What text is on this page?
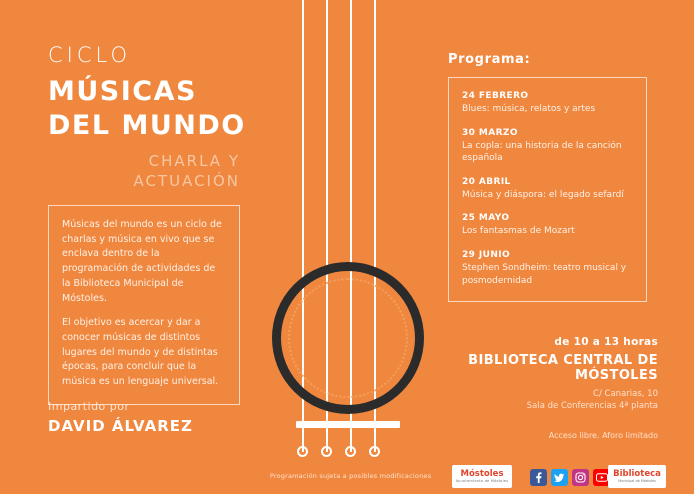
CICLO
MÚSICAS
DEL MUNDO
CHARLA Y
ACTUACIÓN

Músicas del mundo es un ciclo de charlas y música en vivo que se enclava dentro de la programación de actividades de la Biblioteca Municipal de Móstoles.

El objetivo es acercar y dar a conocer músicas de distintos lugares del mundo y de distintas épocas, para concluir que la música es un lenguaje universal.

Impartido por
DAVID ÁLVAREZ
Programación sujeta a posibles modificaciones
Programa:
24 FEBRERO
Blues: música, relatos y artes
30 MARZO
La copla: una historia de la canción española
20 ABRIL
Música y diáspora: el legado sefardí
25 MAYO
Los fantasmas de Mozart
29 JUNIO
Stephen Sondheim: teatro musical y posmodernidad
de 10 a 13 horas
BIBLIOTECA CENTRAL DE MÓSTOLES
C/ Canarias, 10
Sala de Conferencias 4ª planta
Acceso libre. Aforo limitado
Móstoles
Ayuntamiento de Móstoles
Biblioteca
Municipal de Móstoles
